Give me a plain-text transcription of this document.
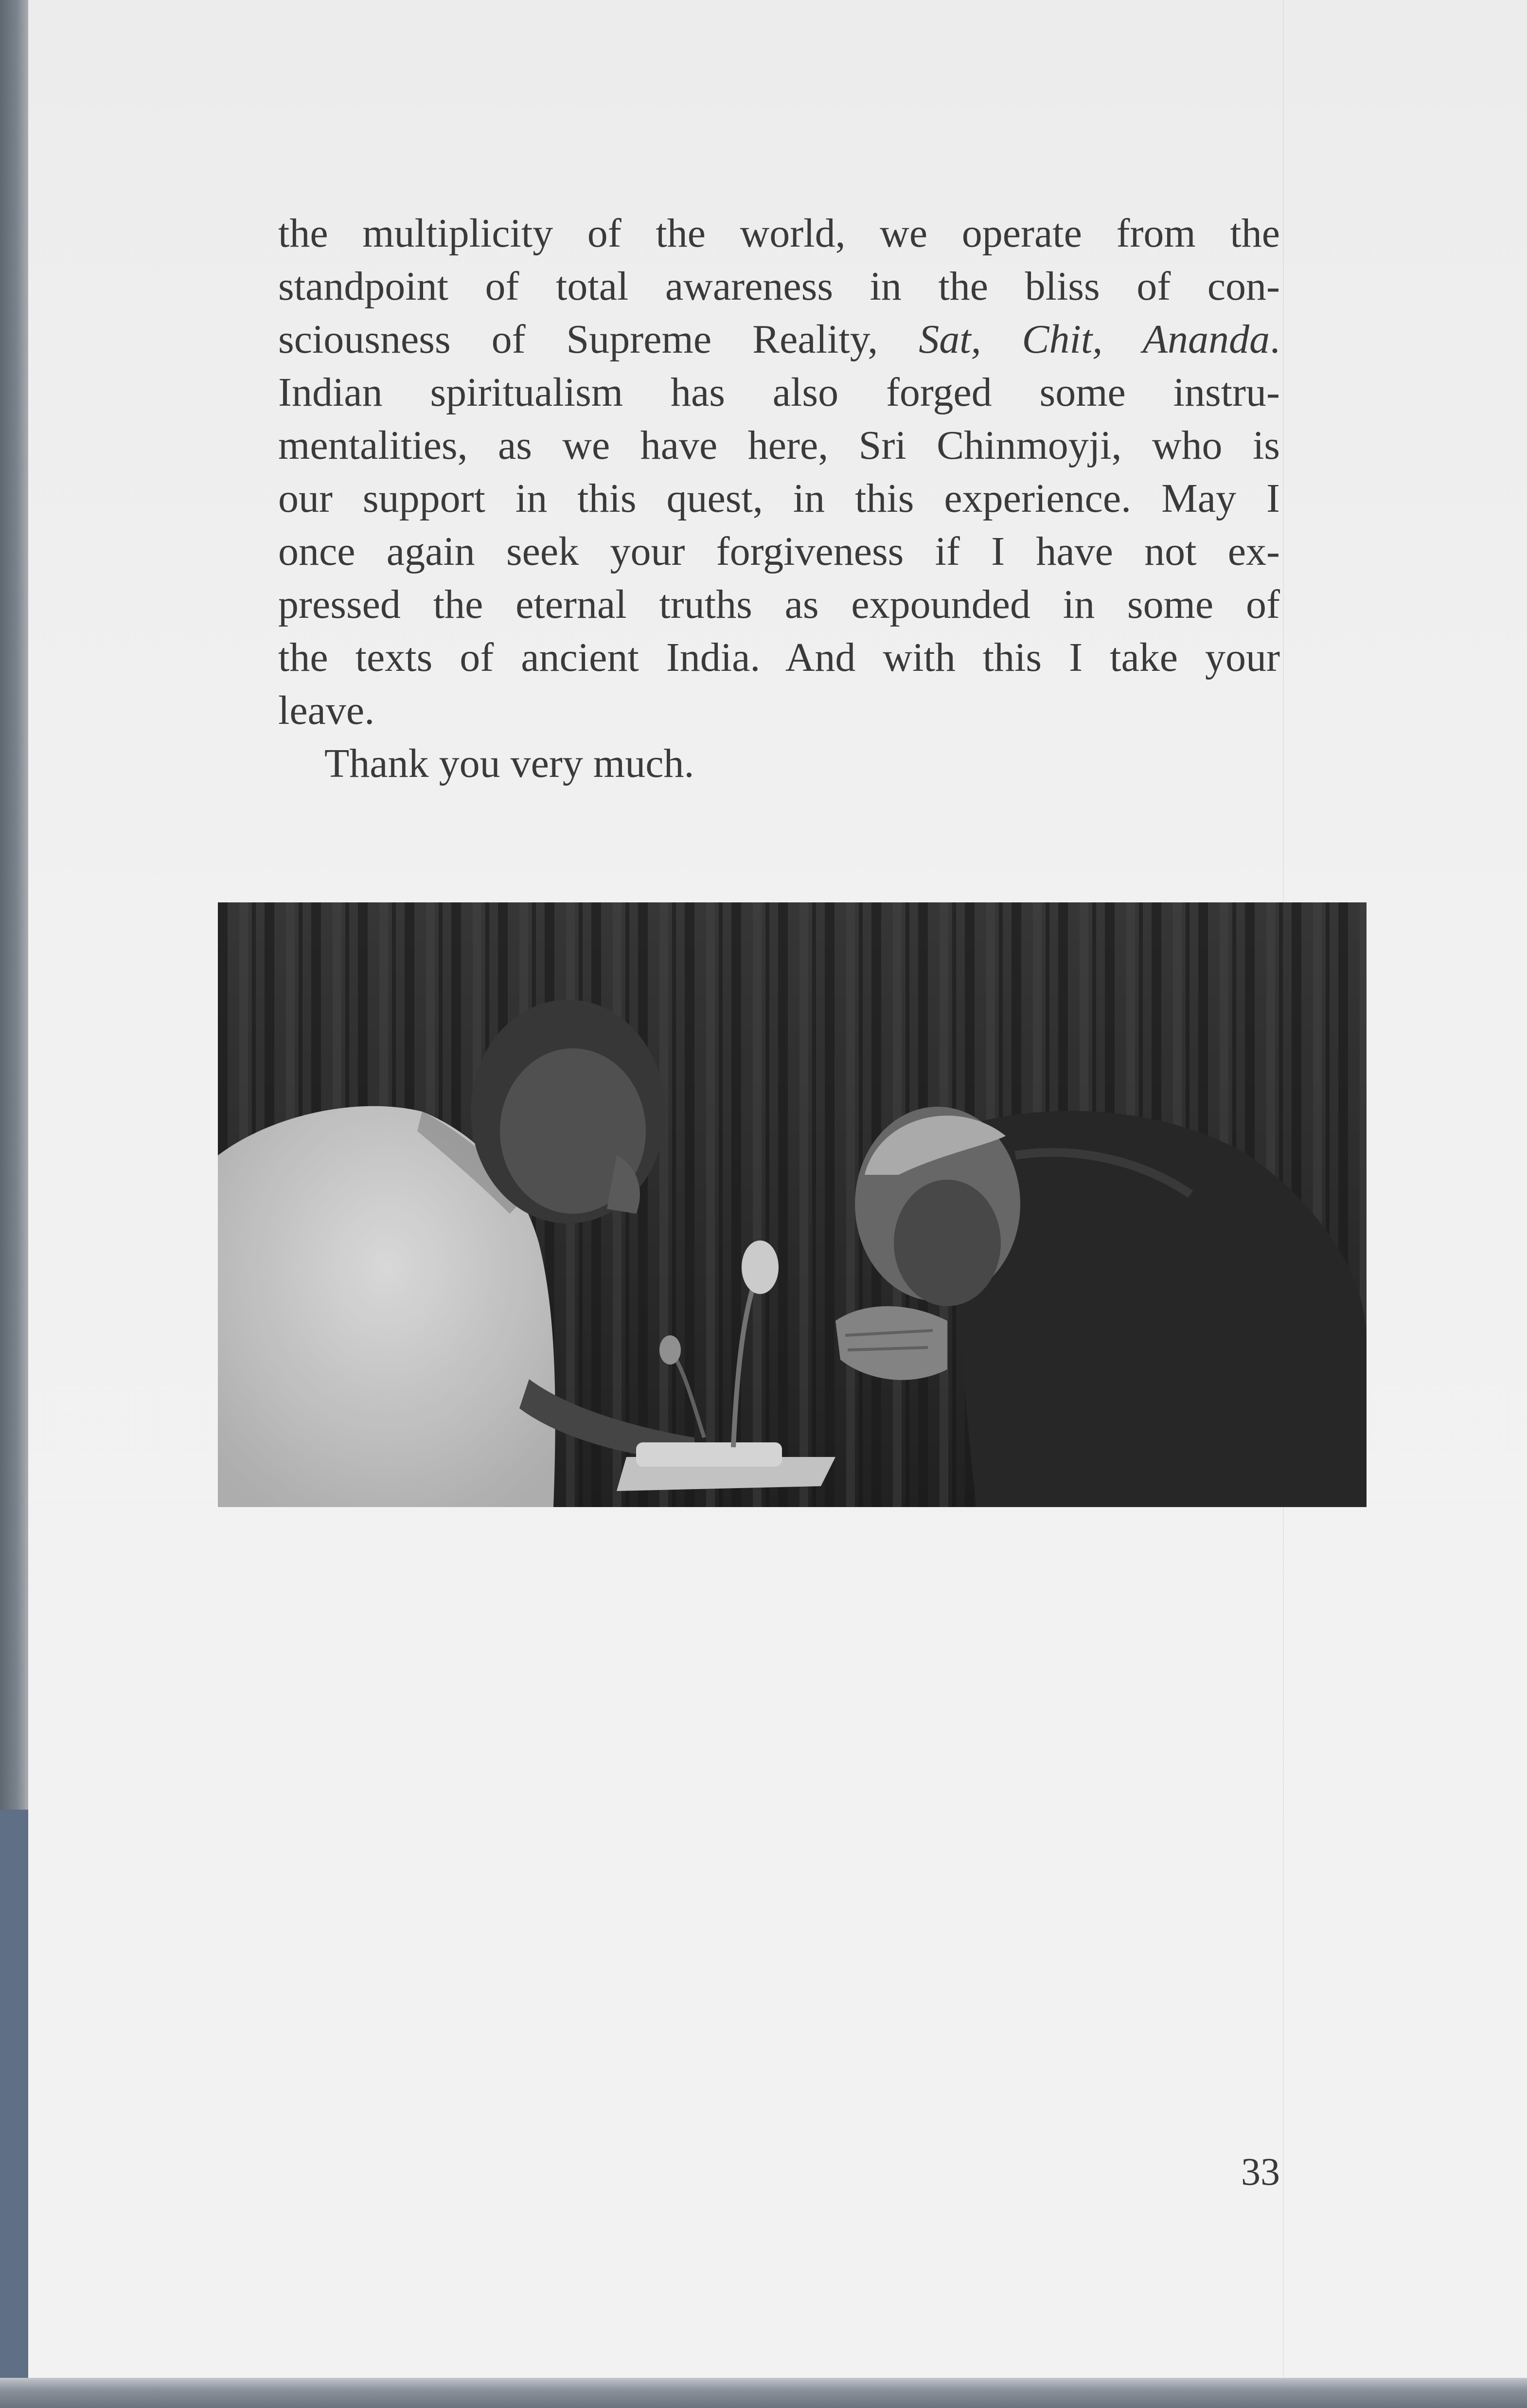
the multiplicity of the world, we operate from the
standpoint of total awareness in the bliss of con-
sciousness of Supreme Reality, Sat, Chit, Ananda.
Indian spiritualism has also forged some instru-
mentalities, as we have here, Sri Chinmoyji, who is
our support in this quest, in this experience. May I
once again seek your forgiveness if I have not ex-
pressed the eternal truths as expounded in some of
the texts of ancient India. And with this I take your
leave.
Thank you very much.
33
